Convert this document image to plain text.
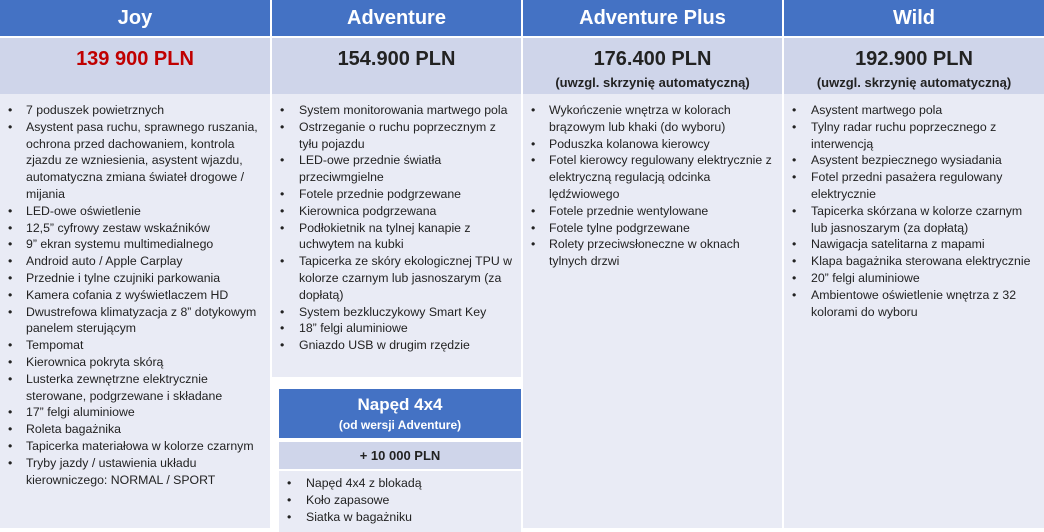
Joy
139 900 PLN
• 7 poduszek powietrznych
• Asystent pasa ruchu, sprawnego ruszania, ochrona przed dachowaniem, kontrola zjazdu ze wzniesienia, asystent wjazdu, automatyczna zmiana świateł drogowe / mijania
• LED-owe oświetlenie
• 12,5” cyfrowy zestaw wskaźników
• 9” ekran systemu multimedialnego
• Android auto / Apple Carplay
• Przednie i tylne czujniki parkowania
• Kamera cofania z wyświetlaczem HD
• Dwustrefowa klimatyzacja z 8” dotykowym panelem sterującym
• Tempomat
• Kierownica pokryta skórą
• Lusterka zewnętrzne elektrycznie sterowane, podgrzewane i składane
• 17” felgi aluminiowe
• Roleta bagażnika
• Tapicerka materiałowa w kolorze czarnym
• Tryby jazdy / ustawienia układu kierowniczego: NORMAL / SPORT
Adventure
154.900 PLN
• System monitorowania martwego pola
• Ostrzeganie o ruchu poprzecznym z tyłu pojazdu
• LED-owe przednie światła przeciwmgielne
• Fotele przednie podgrzewane
• Kierownica podgrzewana
• Podłokietnik na tylnej kanapie z uchwytem na kubki
• Tapicerka ze skóry ekologicznej TPU w kolorze czarnym lub jasnoszarym (za dopłatą)
• System bezkluczykowy Smart Key
• 18” felgi aluminiowe
• Gniazdo USB w drugim rzędzie
Adventure Plus
176.400 PLN
(uwzgl. skrzynię automatyczną)
• Wykończenie wnętrza w kolorach brązowym lub khaki (do wyboru)
• Poduszka kolanowa kierowcy
• Fotel kierowcy regulowany elektrycznie z elektryczną regulacją odcinka lędźwiowego
• Fotele przednie wentylowane
• Fotele tylne podgrzewane
• Rolety przeciwsłoneczne w oknach tylnych drzwi
Wild
192.900 PLN
(uwzgl. skrzynię automatyczną)
• Asystent martwego pola
• Tylny radar ruchu poprzecznego z interwencją
• Asystent bezpiecznego wysiadania
• Fotel przedni pasażera regulowany elektrycznie
• Tapicerka skórzana w kolorze czarnym lub jasnoszarym (za dopłatą)
• Nawigacja satelitarna z mapami
• Klapa bagażnika sterowana elektrycznie
• 20” felgi aluminiowe
• Ambientowe oświetlenie wnętrza z 32 kolorami do wyboru
Napęd 4x4
(od wersji Adventure)
+ 10 000 PLN
• Napęd 4x4 z blokadą
• Koło zapasowe
• Siatka w bagażniku
